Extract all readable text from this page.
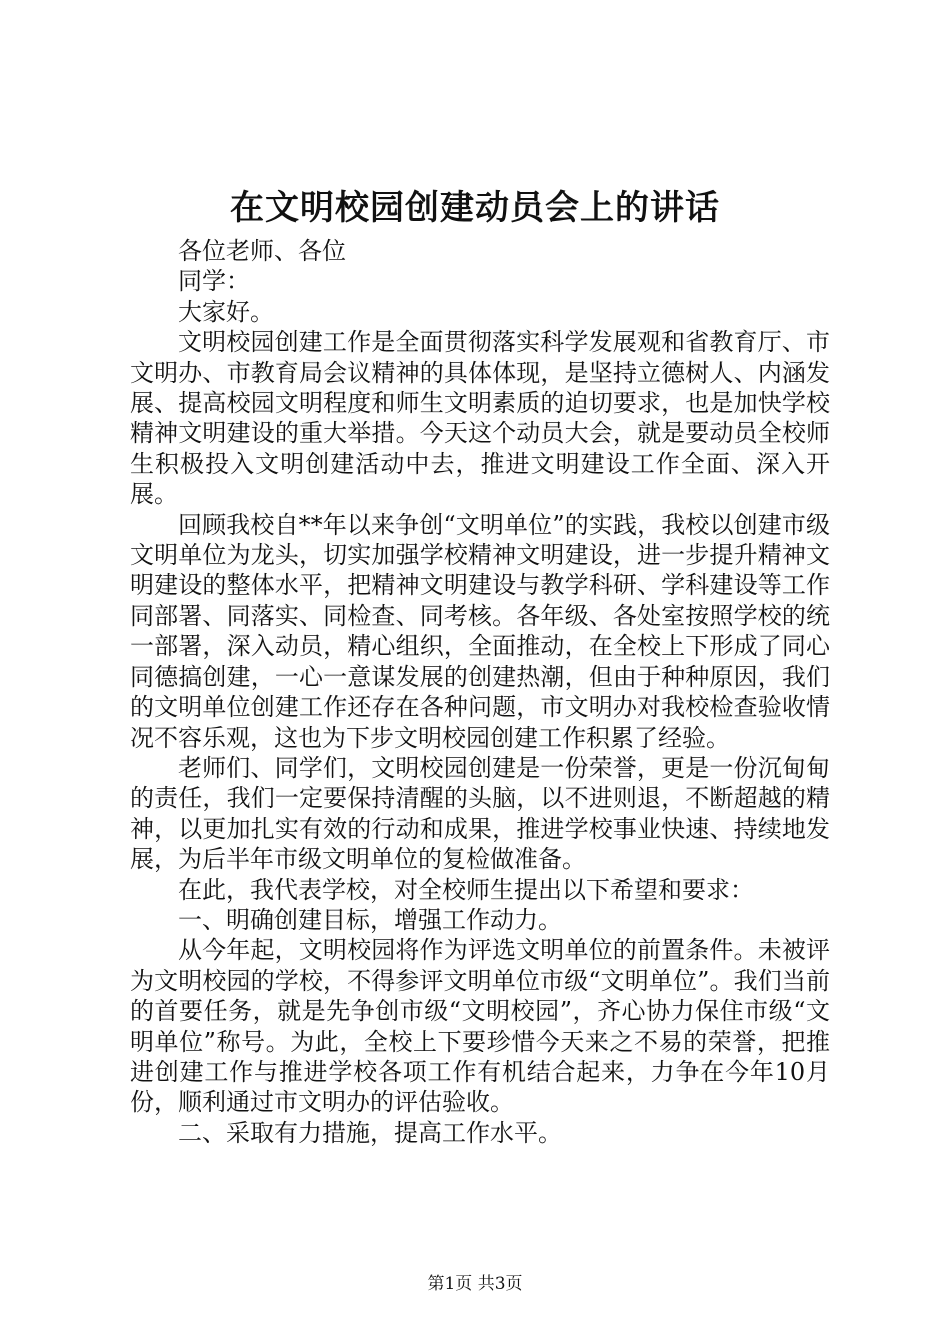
在文明校园创建动员会上的讲话

各位老师、各位

同学：

大家好。

文明校园创建工作是全面贯彻落实科学发展观和省教育厅、市文明办、市教育局会议精神的具体体现，是坚持立德树人、内涵发展、提高校园文明程度和师生文明素质的迫切要求，也是加快学校精神文明建设的重大举措。今天这个动员大会，就是要动员全校师生积极投入文明创建活动中去，推进文明建设工作全面、深入开展。

回顾我校自**年以来争创“文明单位”的实践，我校以创建市级文明单位为龙头，切实加强学校精神文明建设，进一步提升精神文明建设的整体水平，把精神文明建设与教学科研、学科建设等工作同部署、同落实、同检查、同考核。各年级、各处室按照学校的统一部署，深入动员，精心组织，全面推动，在全校上下形成了同心同德搞创建，一心一意谋发展的创建热潮，但由于种种原因，我们的文明单位创建工作还存在各种问题，市文明办对我校检查验收情况不容乐观，这也为下步文明校园创建工作积累了经验。

老师们、同学们，文明校园创建是一份荣誉，更是一份沉甸甸的责任，我们一定要保持清醒的头脑，以不进则退，不断超越的精神，以更加扎实有效的行动和成果，推进学校事业快速、持续地发展，为后半年市级文明单位的复检做准备。

在此，我代表学校，对全校师生提出以下希望和要求：

一、明确创建目标，增强工作动力。

从今年起，文明校园将作为评选文明单位的前置条件。未被评为文明校园的学校，不得参评文明单位市级“文明单位”。我们当前的首要任务，就是先争创市级“文明校园”，齐心协力保住市级“文明单位”称号。为此，全校上下要珍惜今天来之不易的荣誉，把推进创建工作与推进学校各项工作有机结合起来，力争在今年10月份，顺利通过市文明办的评估验收。

二、采取有力措施，提高工作水平。

第1页 共3页
